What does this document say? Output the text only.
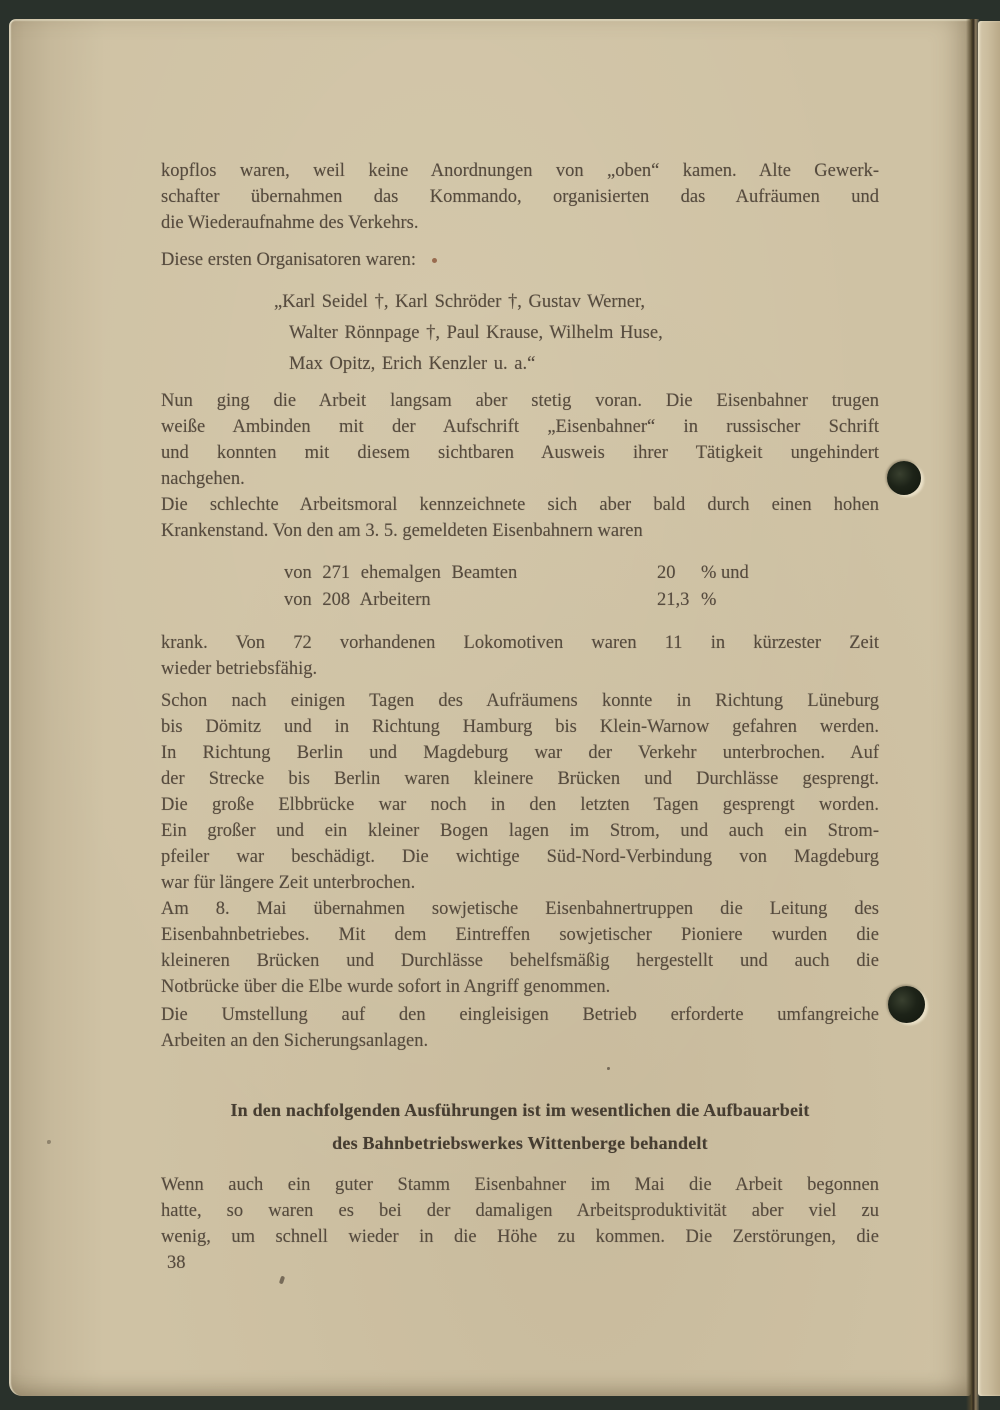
kopflos waren, weil keine Anordnungen von „oben“ kamen. Alte Gewerk-
schafter übernahmen das Kommando, organisierten das Aufräumen und
die Wiederaufnahme des Verkehrs.
Diese ersten Organisatoren waren:
„Karl Seidel †, Karl Schröder †, Gustav Werner,
Walter Rönnpage †, Paul Krause, Wilhelm Huse,
Max Opitz, Erich Kenzler u. a.“
Nun ging die Arbeit langsam aber stetig voran. Die Eisenbahner trugen
weiße Ambinden mit der Aufschrift „Eisenbahner“ in russischer Schrift
und konnten mit diesem sichtbaren Ausweis ihrer Tätigkeit ungehindert
nachgehen.
Die schlechte Arbeitsmoral kennzeichnete sich aber bald durch einen hohen
Krankenstand. Von den am 3. 5. gemeldeten Eisenbahnern waren
von 271 ehemalgen Beamten	20 % und
von 208 Arbeitern	21,3 %
krank. Von 72 vorhandenen Lokomotiven waren 11 in kürzester Zeit
wieder betriebsfähig.
Schon nach einigen Tagen des Aufräumens konnte in Richtung Lüneburg
bis Dömitz und in Richtung Hamburg bis Klein-Warnow gefahren werden.
In Richtung Berlin und Magdeburg war der Verkehr unterbrochen. Auf
der Strecke bis Berlin waren kleinere Brücken und Durchlässe gesprengt.
Die große Elbbrücke war noch in den letzten Tagen gesprengt worden.
Ein großer und ein kleiner Bogen lagen im Strom, und auch ein Strom-
pfeiler war beschädigt. Die wichtige Süd-Nord-Verbindung von Magdeburg
war für längere Zeit unterbrochen.
Am 8. Mai übernahmen sowjetische Eisenbahnertruppen die Leitung des
Eisenbahnbetriebes. Mit dem Eintreffen sowjetischer Pioniere wurden die
kleineren Brücken und Durchlässe behelfsmäßig hergestellt und auch die
Notbrücke über die Elbe wurde sofort in Angriff genommen.
Die Umstellung auf den eingleisigen Betrieb erforderte umfangreiche
Arbeiten an den Sicherungsanlagen.
In den nachfolgenden Ausführungen ist im wesentlichen die Aufbauarbeit
des Bahnbetriebswerkes Wittenberge behandelt
Wenn auch ein guter Stamm Eisenbahner im Mai die Arbeit begonnen
hatte, so waren es bei der damaligen Arbeitsproduktivität aber viel zu
wenig, um schnell wieder in die Höhe zu kommen. Die Zerstörungen, die
38
